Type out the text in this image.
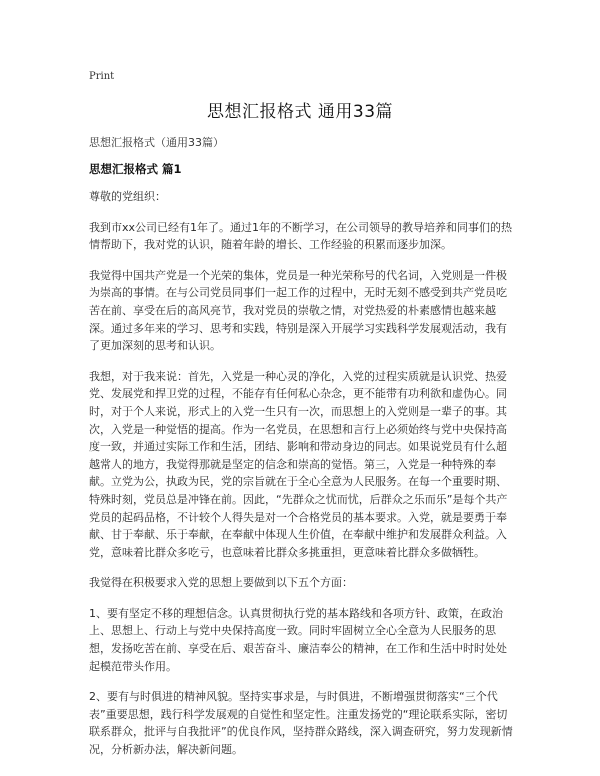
Print
思想汇报格式 通用33篇
思想汇报格式（通用33篇）
思想汇报格式 篇1

尊敬的党组织：

我到市xx公司已经有1年了。通过1年的不断学习，在公司领导的教导培养和同事们的热情帮助下，我对党的认识，随着年龄的增长、工作经验的积累而逐步加深。

我觉得中国共产党是一个光荣的集体，党员是一种光荣称号的代名词，入党则是一件极为崇高的事情。在与公司党员同事们一起工作的过程中，无时无刻不感受到共产党员吃苦在前、享受在后的高风亮节，我对党员的崇敬之情，对党热爱的朴素感情也越来越深。通过多年来的学习、思考和实践，特别是深入开展学习实践科学发展观活动，我有了更加深刻的思考和认识。

我想，对于我来说：首先，入党是一种心灵的净化，入党的过程实质就是认识党、热爱党、发展党和捍卫党的过程，不能存有任何私心杂念，更不能带有功利欲和虚伪心。同时，对于个人来说，形式上的入党一生只有一次，而思想上的入党则是一辈子的事。其次，入党是一种觉悟的提高。作为一名党员，在思想和言行上必须始终与党中央保持高度一致，并通过实际工作和生活，团结、影响和带动身边的同志。如果说党员有什么超越常人的地方，我觉得那就是坚定的信念和崇高的觉悟。第三，入党是一种特殊的奉献。立党为公，执政为民，党的宗旨就在于全心全意为人民服务。在每一个重要时期、特殊时刻，党员总是冲锋在前。因此，“先群众之忧而忧，后群众之乐而乐”是每个共产党员的起码品格，不计较个人得失是对一个合格党员的基本要求。入党，就是要勇于奉献、甘于奉献、乐于奉献，在奉献中体现人生价值，在奉献中维护和发展群众利益。入党，意味着比群众多吃亏，也意味着比群众多挑重担，更意味着比群众多做牺牲。

我觉得在积极要求入党的思想上要做到以下五个方面：

1、要有坚定不移的理想信念。认真贯彻执行党的基本路线和各项方针、政策，在政治上、思想上、行动上与党中央保持高度一致。同时牢固树立全心全意为人民服务的思想，发扬吃苦在前、享受在后、艰苦奋斗、廉洁奉公的精神，在工作和生活中时时处处起模范带头作用。

2、要有与时俱进的精神风貌。坚持实事求是，与时俱进，不断增强贯彻落实“三个代表”重要思想，践行科学发展观的自觉性和坚定性。注重发扬党的“理论联系实际，密切联系群众，批评与自我批评”的优良作风，坚持群众路线，深入调查研究，努力发现新情况，分析新办法，解决新问题。
